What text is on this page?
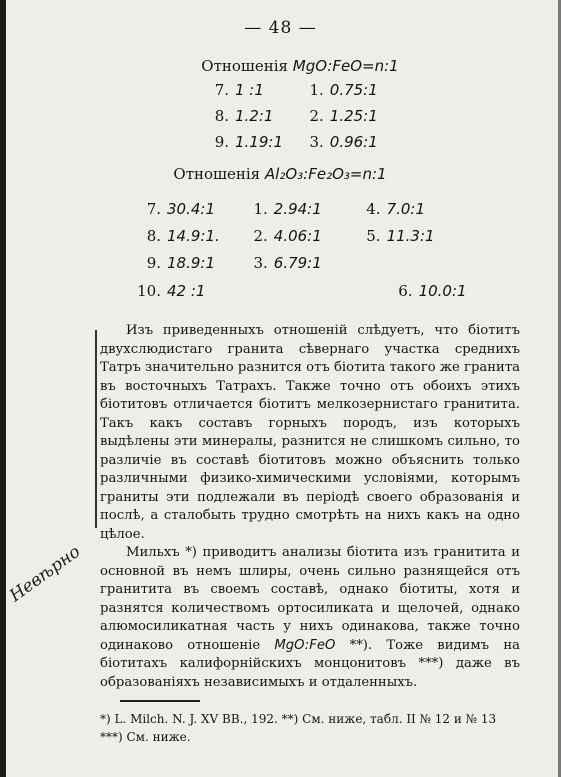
— 48 —
Отношенія MgO:FeO=n:1
7. 1 :1	1. 0.75:1
8. 1.2:1 2. 1.25:1
9. 1.19:1 3. 0.96:1
Отношенія Al₂O₃:Fe₂O₃=n:1
7. 30.4:1	1. 2.94:1	4. 7.0:1
8. 14.9:1. 2. 4.06:1	5. 11.3:1
9. 18.9:1	3. 6.79:1
10. 42 :1	6. 10.0:1

Изъ приведенныхъ отношеній слѣдуетъ, что біотитъ двухслюдистаго гранита сѣвернаго участка среднихъ Татръ значительно разнится отъ біотита такого же гранита въ восточныхъ Татрахъ. Также точно отъ обоихъ этихъ біотитовъ отличается біотитъ мелкозернистаго гранитита. Такъ какъ составъ горныхъ породъ, изъ которыхъ выдѣлены эти минералы, разнится не слишкомъ сильно, то различіе въ составѣ біотитовъ можно объяснить только различными физико-химическими условіями, которымъ граниты эти подлежали въ періодѣ своего образованія и послѣ, а сталобыть трудно смотрѣть на нихъ какъ на одно цѣлое.

Мильхъ *) приводитъ анализы біотита изъ гранитита и основной въ немъ шлиры, очень сильно разнящейся отъ гранитита въ своемъ составѣ, однако біотиты, хотя и разнятся количествомъ ортосиликата и щелочей, однако алюмосиликатная часть у нихъ одинакова, также точно одинаково отношеніе MgO:FeO **). Тоже видимъ на біотитахъ калифорнійскихъ монцонитовъ ***) даже въ образованіяхъ независимыхъ и отдаленныхъ.

Невѣрно
*) L. Milch. N. J. XV BB., 192. **) См. ниже, табл. II № 12 и № 13 ***) См. ниже.
